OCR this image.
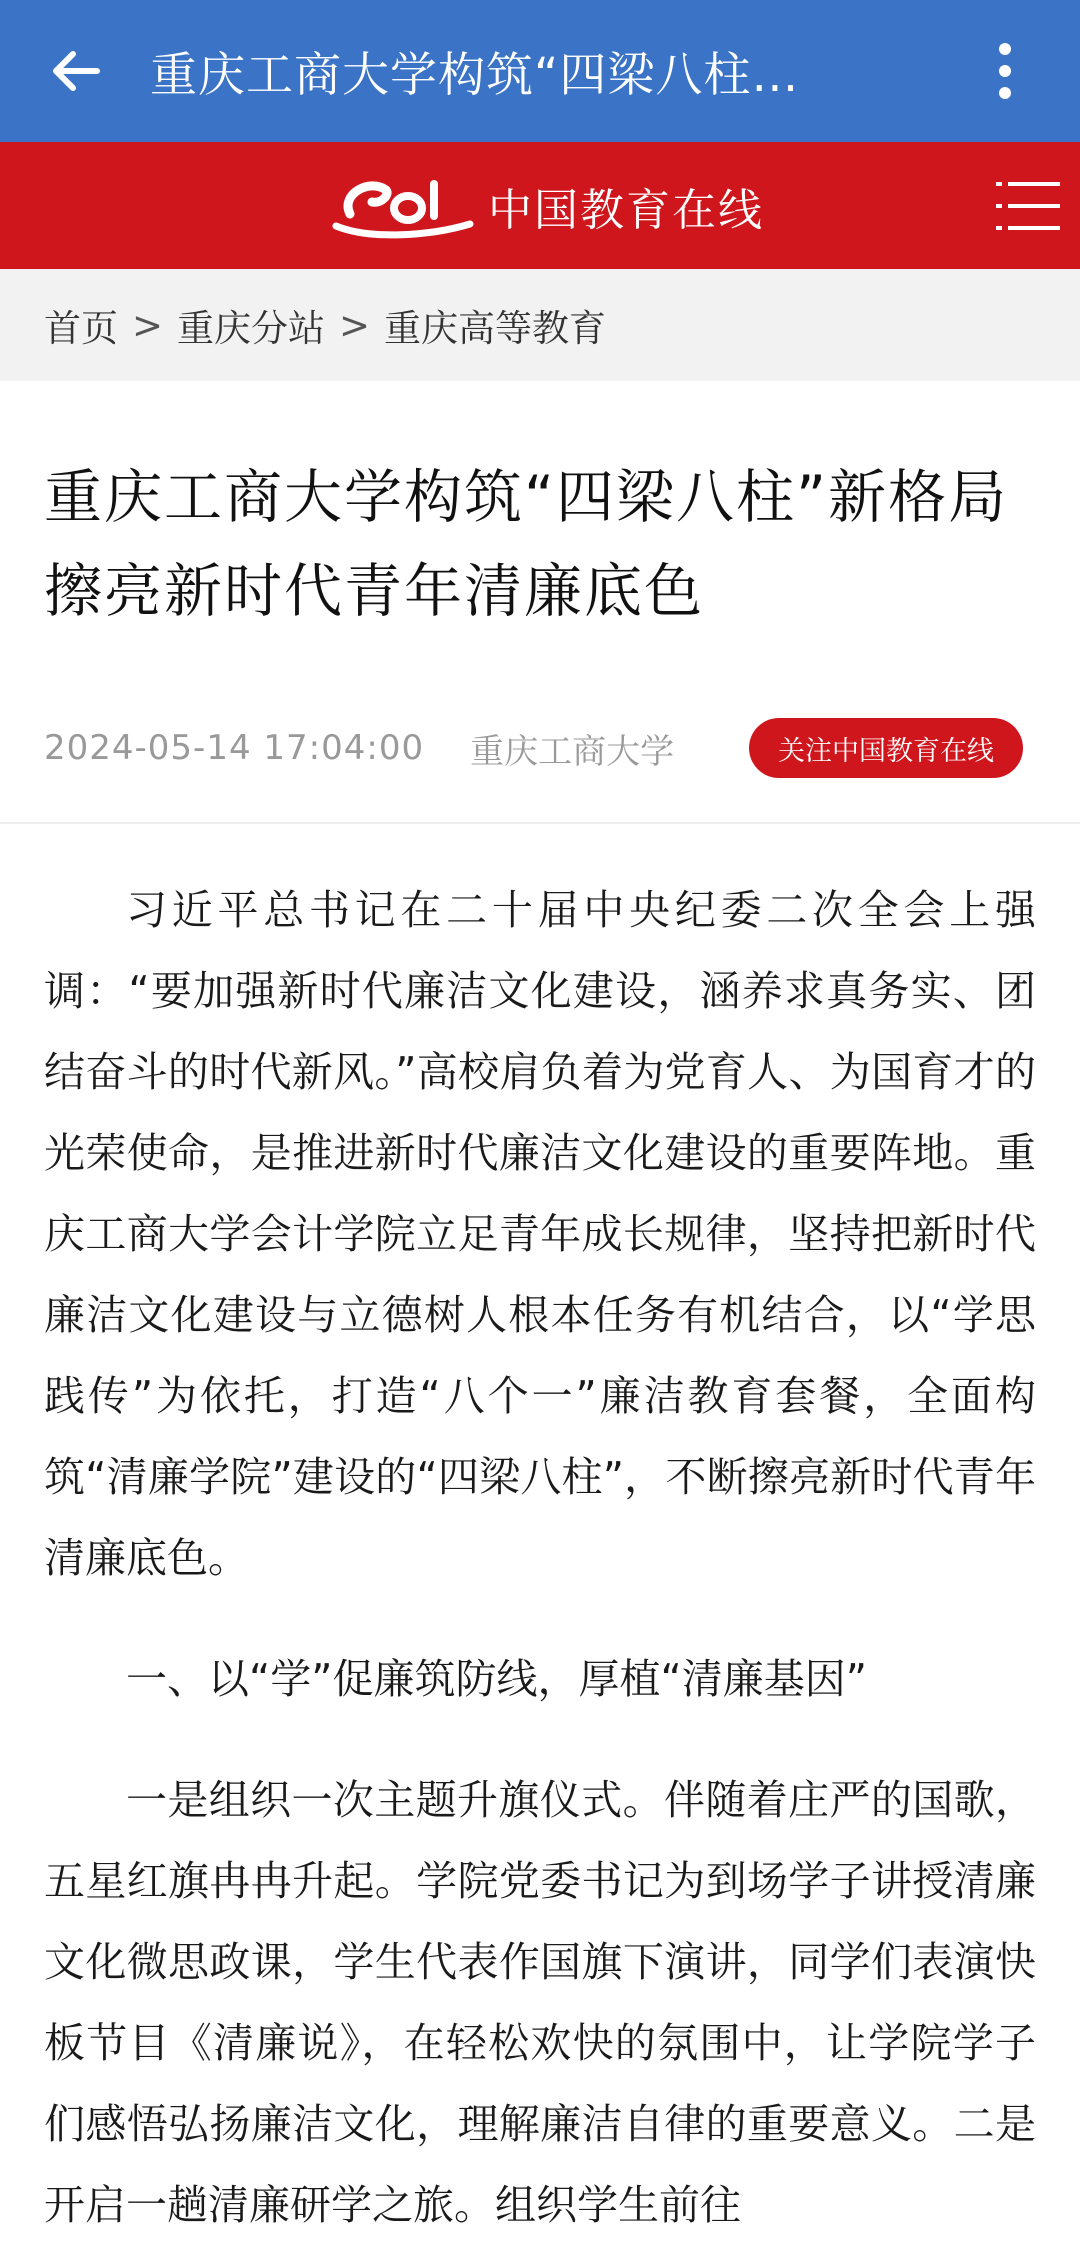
重庆工商大学构筑“四梁八柱…
中国教育在线
首页 > 重庆分站 > 重庆高等教育
重庆工商大学构筑“四梁八柱”新格局擦亮新时代青年清廉底色
2024-05-14 17:04:00 重庆工商大学	关注中国教育在线

习近平总书记在二十届中央纪委二次全会上强调：“要加强新时代廉洁文化建设，涵养求真务实、团结奋斗的时代新风。”高校肩负着为党育人、为国育才的光荣使命，是推进新时代廉洁文化建设的重要阵地。重庆工商大学会计学院立足青年成长规律，坚持把新时代廉洁文化建设与立德树人根本任务有机结合，以“学思践传”为依托，打造“八个一”廉洁教育套餐，全面构筑“清廉学院”建设的“四梁八柱”，不断擦亮新时代青年清廉底色。

一、以“学”促廉筑防线，厚植“清廉基因”

一是组织一次主题升旗仪式。伴随着庄严的国歌，五星红旗冉冉升起。学院党委书记为到场学子讲授清廉文化微思政课，学生代表作国旗下演讲，同学们表演快板节目《清廉说》，在轻松欢快的氛围中，让学院学子们感悟弘扬廉洁文化，理解廉洁自律的重要意义。二是开启一趟清廉研学之旅。组织学生前往
